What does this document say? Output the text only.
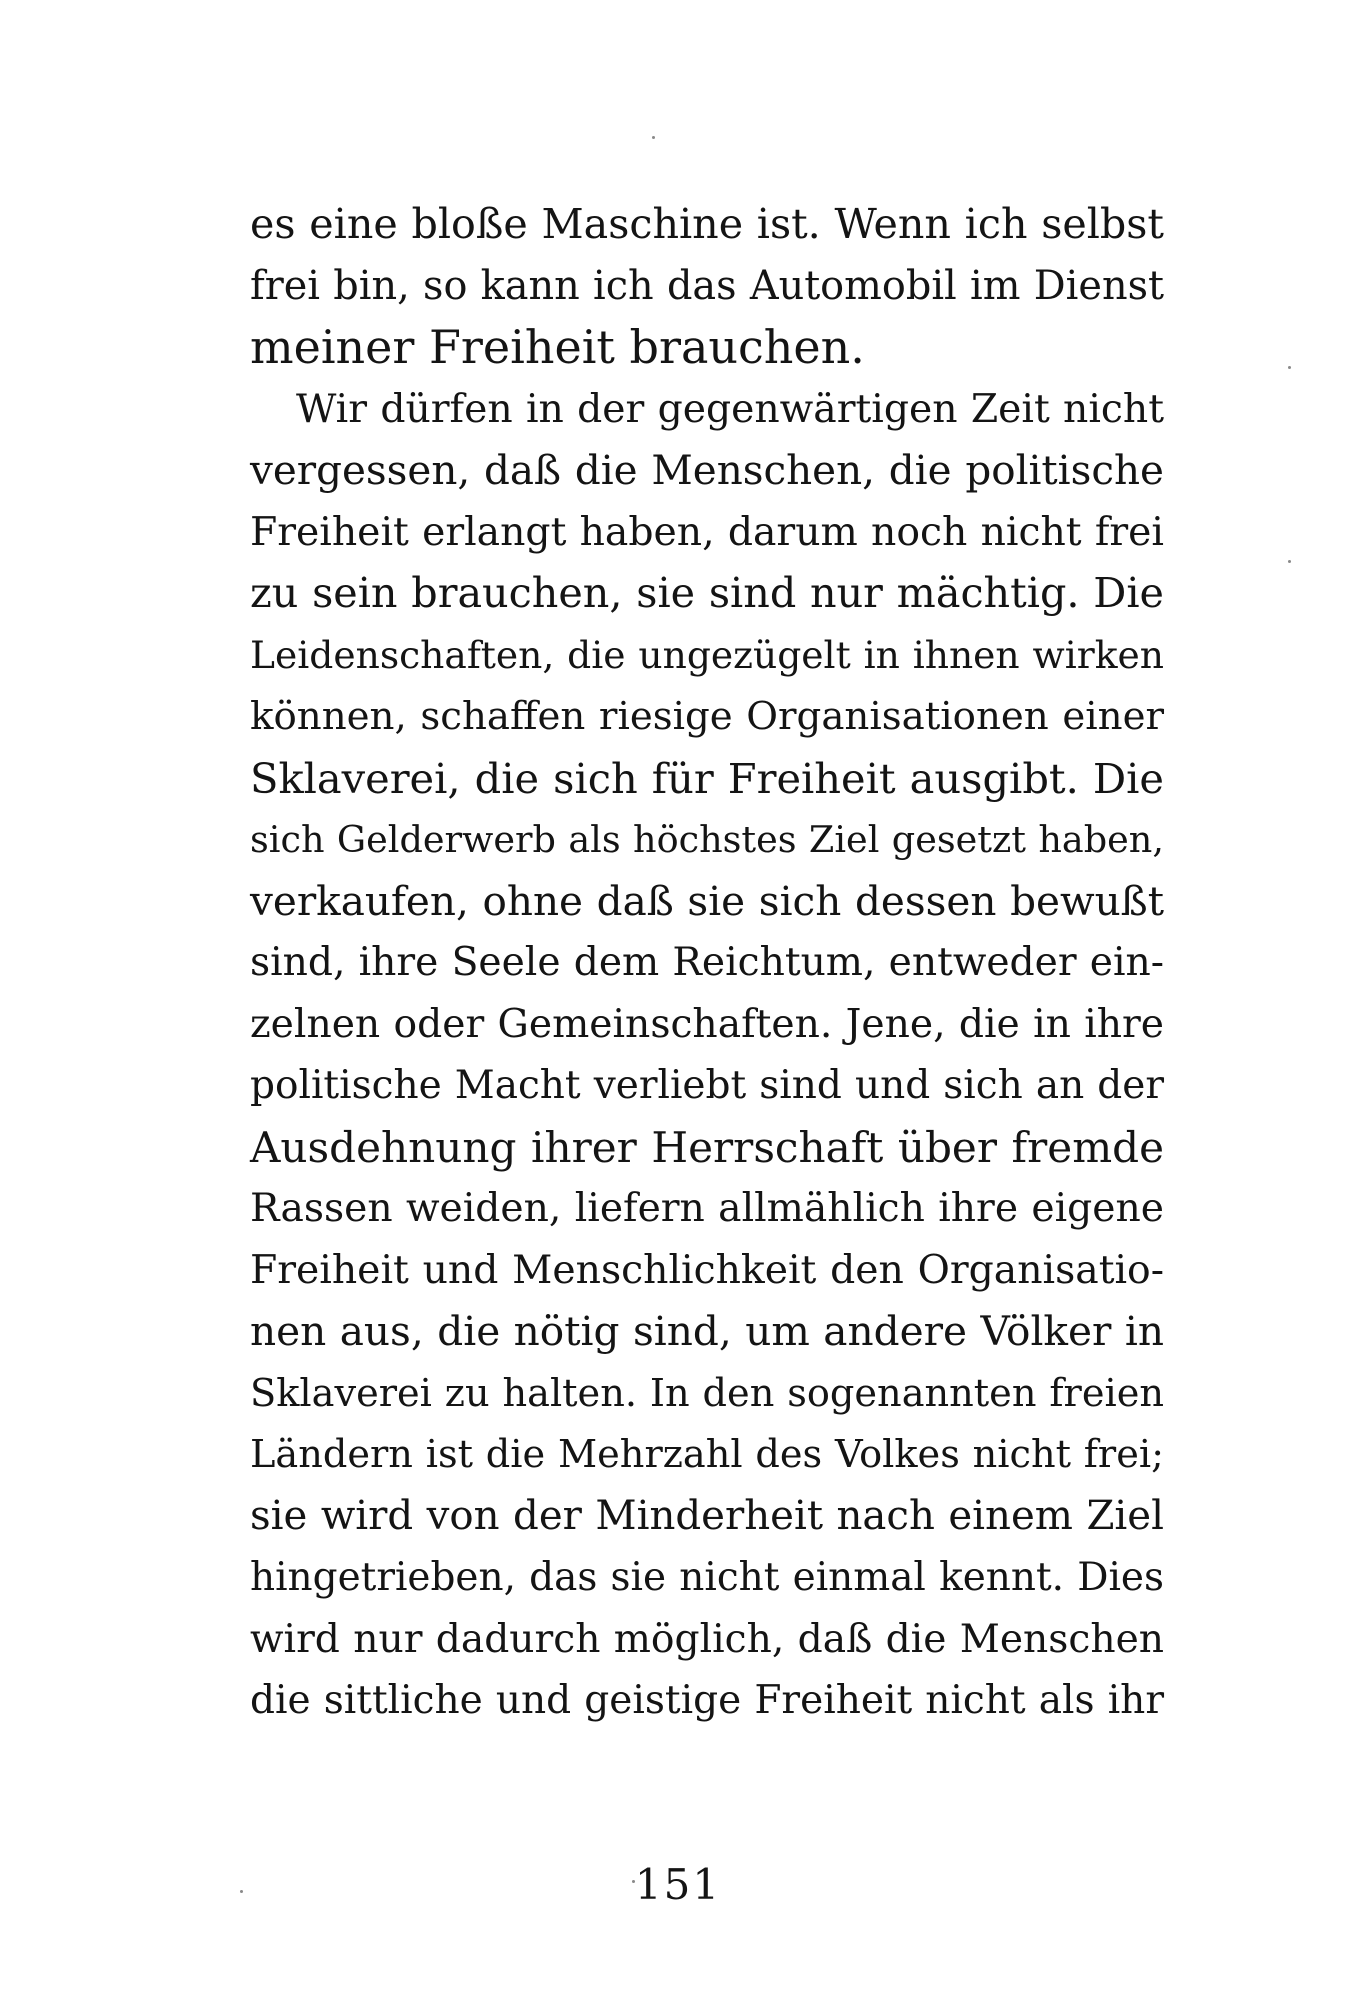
es eine bloße Maschine ist. Wenn ich selbst
frei bin, so kann ich das Automobil im Dienst
meiner Freiheit brauchen.
Wir dürfen in der gegenwärtigen Zeit nicht
vergessen, daß die Menschen, die politische
Freiheit erlangt haben, darum noch nicht frei
zu sein brauchen, sie sind nur mächtig. Die
Leidenschaften, die ungezügelt in ihnen wirken
können, schaffen riesige Organisationen einer
Sklaverei, die sich für Freiheit ausgibt. Die
sich Gelderwerb als höchstes Ziel gesetzt haben,
verkaufen, ohne daß sie sich dessen bewußt
sind, ihre Seele dem Reichtum, entweder ein-
zelnen oder Gemeinschaften. Jene, die in ihre
politische Macht verliebt sind und sich an der
Ausdehnung ihrer Herrschaft über fremde
Rassen weiden, liefern allmählich ihre eigene
Freiheit und Menschlichkeit den Organisatio-
nen aus, die nötig sind, um andere Völker in
Sklaverei zu halten. In den sogenannten freien
Ländern ist die Mehrzahl des Volkes nicht frei;
sie wird von der Minderheit nach einem Ziel
hingetrieben, das sie nicht einmal kennt. Dies
wird nur dadurch möglich, daß die Menschen
die sittliche und geistige Freiheit nicht als ihr
151
